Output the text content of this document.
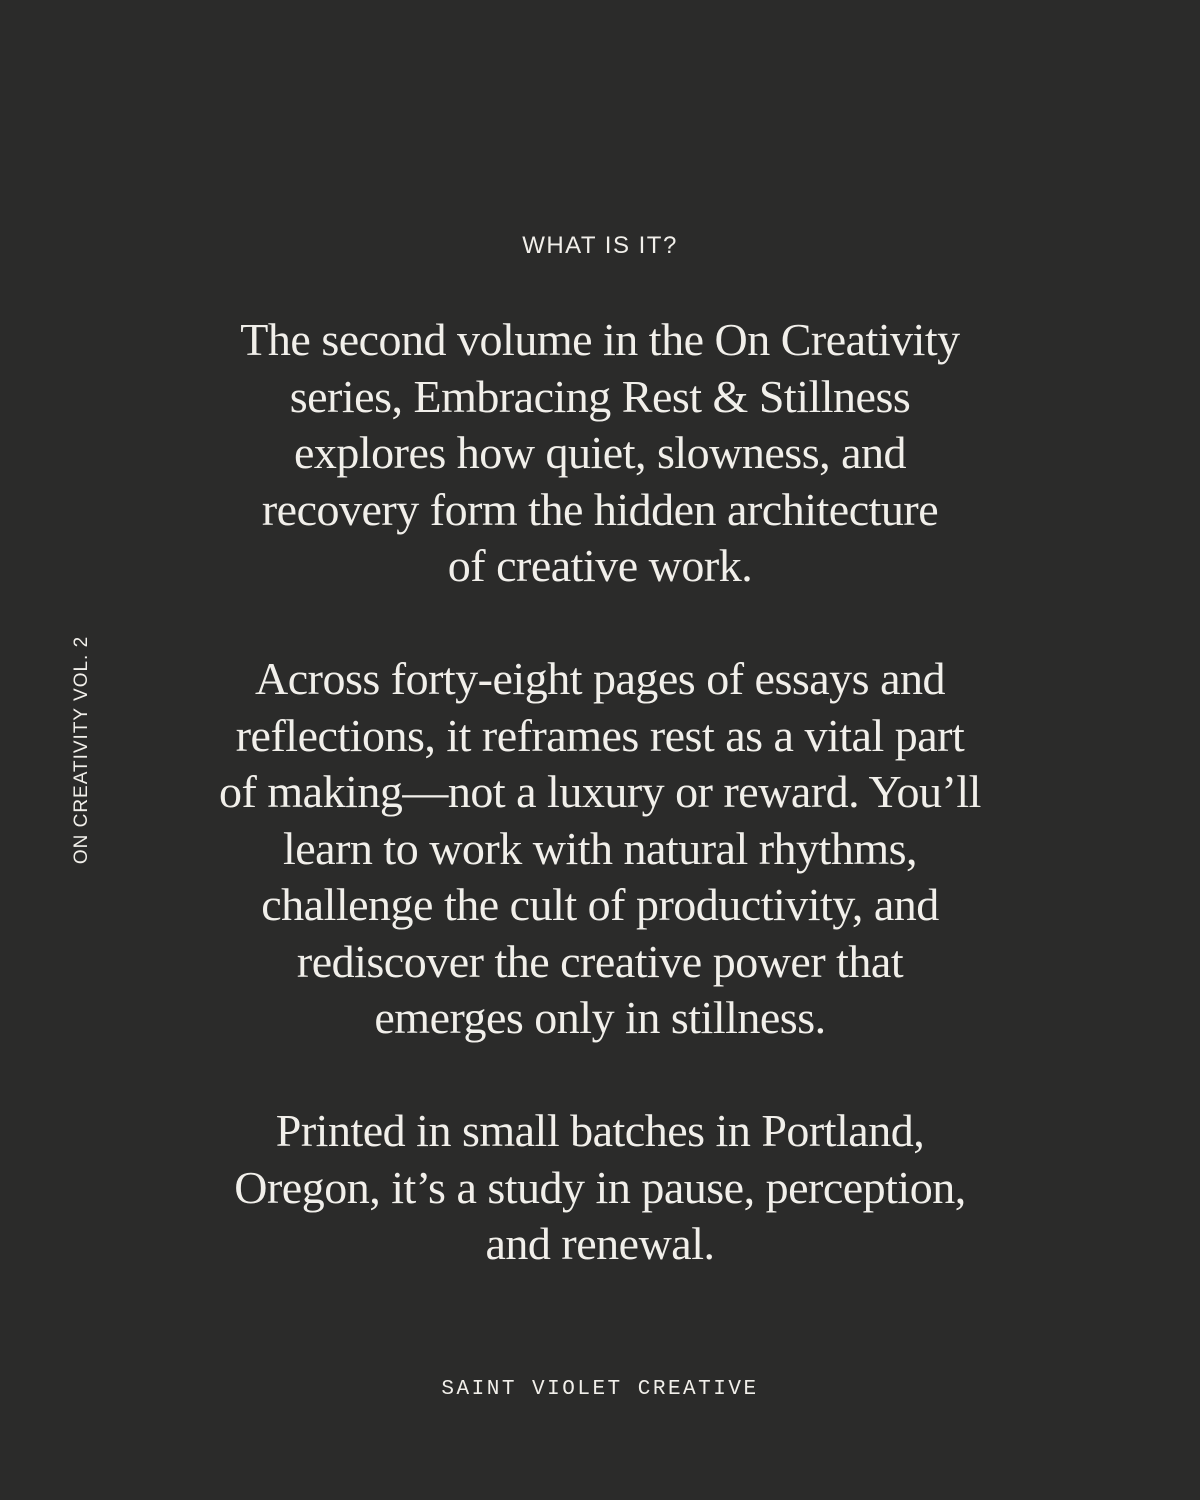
WHAT IS IT?
ON CREATIVITY VOL. 2

The second volume in the On Creativity
series, Embracing Rest & Stillness
explores how quiet, slowness, and
recovery form the hidden architecture
of creative work.

Across forty-eight pages of essays and
reflections, it reframes rest as a vital part
of making—not a luxury or reward. You’ll
learn to work with natural rhythms,
challenge the cult of productivity, and
rediscover the creative power that
emerges only in stillness.

Printed in small batches in Portland,
Oregon, it’s a study in pause, perception,
and renewal.

SAINT VIOLET CREATIVE
